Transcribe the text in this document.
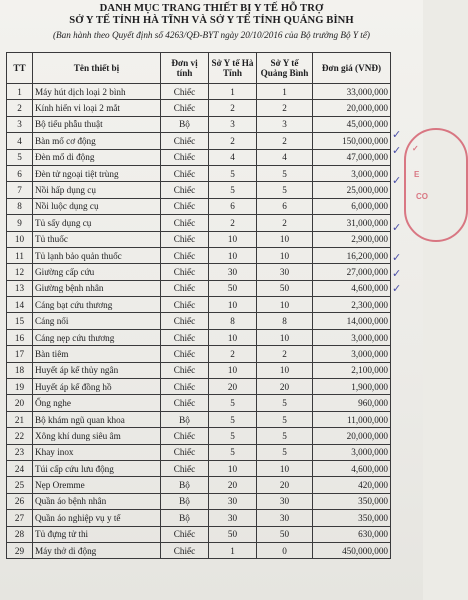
DANH MỤC TRANG THIẾT BỊ Y TẾ HỖ TRỢ
SỞ Y TẾ TỈNH HÀ TĨNH VÀ SỞ Y TẾ TỈNH QUẢNG BÌNH
(Ban hành theo Quyết định số 4263/QĐ-BYT ngày 20/10/2016 của Bộ trưởng Bộ Y tế)
TT	Tên thiết bị	Đơn vị tính	Sở Y tế Hà Tĩnh	Sở Y tế Quảng Bình	Đơn giá (VNĐ)
1	Máy hút dịch loại 2 bình	Chiếc	1	1	33,000,000
2	Kính hiển vi loại 2 mắt	Chiếc	2	2	20,000,000
3	Bộ tiểu phẫu thuật	Bộ	3	3	45,000,000
4	Bàn mổ cơ động	Chiếc	2	2	150,000,000
5	Đèn mổ di động	Chiếc	4	4	47,000,000
6	Đèn tử ngoại tiệt trùng	Chiếc	5	5	3,000,000
7	Nồi hấp dụng cụ	Chiếc	5	5	25,000,000
8	Nồi luộc dụng cụ	Chiếc	6	6	6,000,000
9	Tủ sấy dụng cụ	Chiếc	2	2	31,000,000
10	Tủ thuốc	Chiếc	10	10	2,900,000
11	Tủ lạnh bảo quản thuốc	Chiếc	10	10	16,200,000
12	Giường cấp cứu	Chiếc	30	30	27,000,000
13	Giường bệnh nhân	Chiếc	50	50	4,600,000
14	Cáng bạt cứu thương	Chiếc	10	10	2,300,000
15	Cáng nổi	Chiếc	8	8	14,000,000
16	Cáng nẹp cứu thương	Chiếc	10	10	3,000,000
17	Bàn tiêm	Chiếc	2	2	3,000,000
18	Huyết áp kế thủy ngân	Chiếc	10	10	2,100,000
19	Huyết áp kế đồng hồ	Chiếc	20	20	1,900,000
20	Ống nghe	Chiếc	5	5	960,000
21	Bộ khám ngũ quan khoa	Bộ	5	5	11,000,000
22	Xông khí dung siêu âm	Chiếc	5	5	20,000,000
23	Khay inox	Chiếc	5	5	3,000,000
24	Túi cấp cứu lưu động	Chiếc	10	10	4,600,000
25	Nẹp Oremme	Bộ	20	20	420,000
26	Quần áo bệnh nhân	Bộ	30	30	350,000
27	Quần áo nghiệp vụ y tế	Bộ	30	30	350,000
28	Tủ đựng tử thi	Chiếc	50	50	630,000
29	Máy thở di động	Chiếc	1	0	450,000,000
✓
✓
✓
✓
✓
✓
✓
✓
E
CO
